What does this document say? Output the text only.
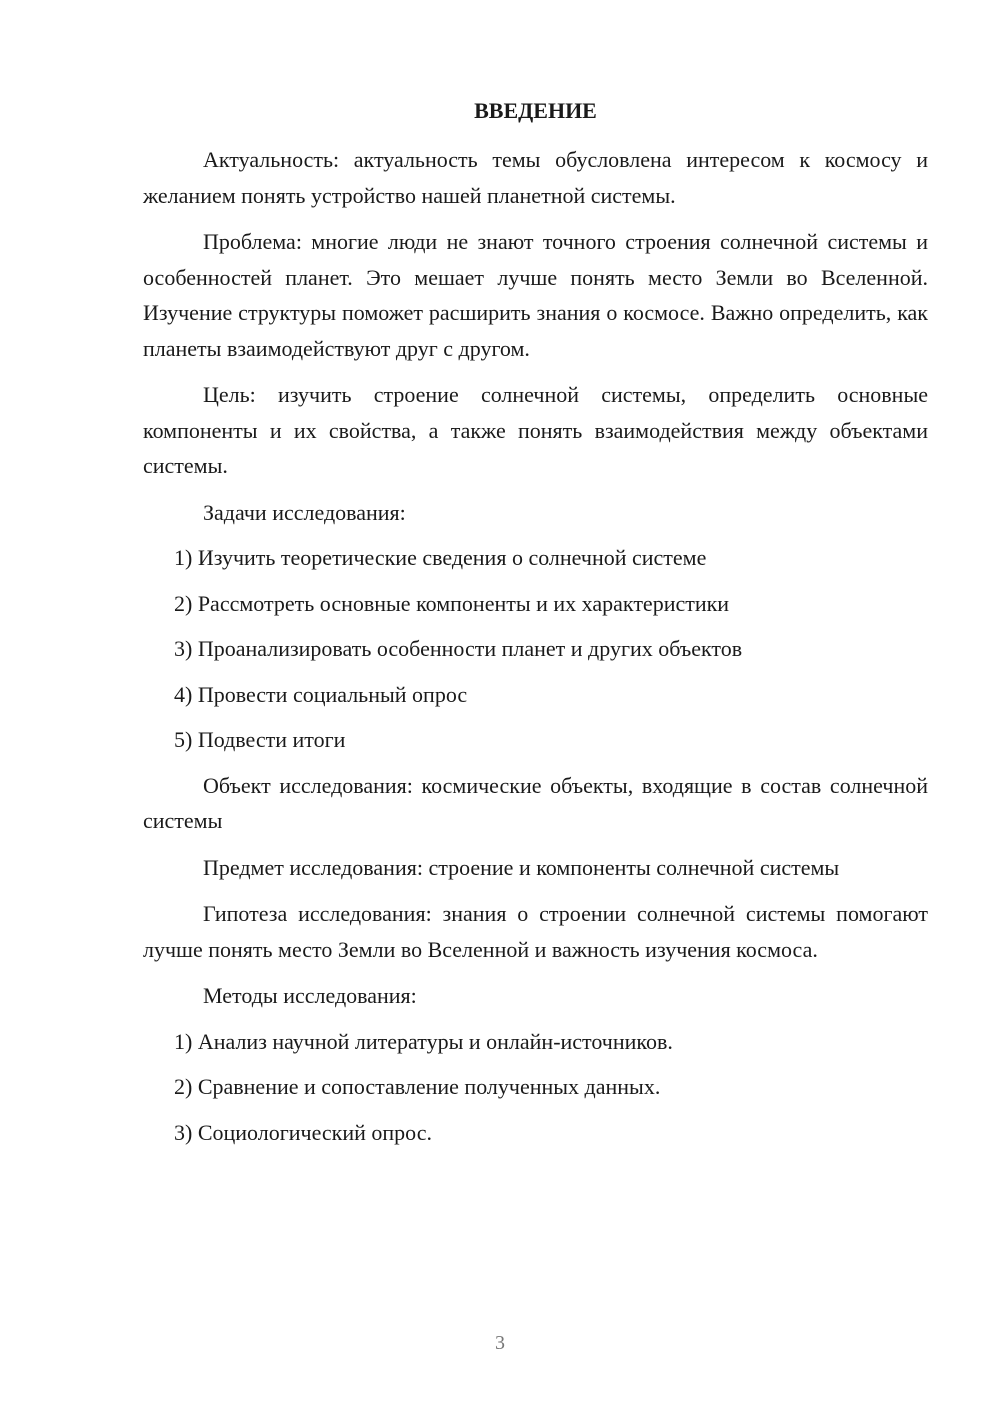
ВВЕДЕНИЕ

Актуальность: актуальность темы обусловлена интересом к космосу и желанием понять устройство нашей планетной системы.

Проблема: многие люди не знают точного строения солнечной системы и особенностей планет. Это мешает лучше понять место Земли во Вселенной. Изучение структуры поможет расширить знания о космосе. Важно определить, как планеты взаимодействуют друг с другом.

Цель: изучить строение солнечной системы, определить основные компоненты и их свойства, а также понять взаимодействия между объектами системы.

Задачи исследования:

1) Изучить теоретические сведения о солнечной системе
2) Рассмотреть основные компоненты и их характеристики
3) Проанализировать особенности планет и других объектов
4) Провести социальный опрос
5) Подвести итоги

Объект исследования: космические объекты, входящие в состав солнечной системы

Предмет исследования: строение и компоненты солнечной системы

Гипотеза исследования: знания о строении солнечной системы помогают лучше понять место Земли во Вселенной и важность изучения космоса.

Методы исследования:

1) Анализ научной литературы и онлайн-источников.
2) Сравнение и сопоставление полученных данных.
3) Социологический опрос.
3
